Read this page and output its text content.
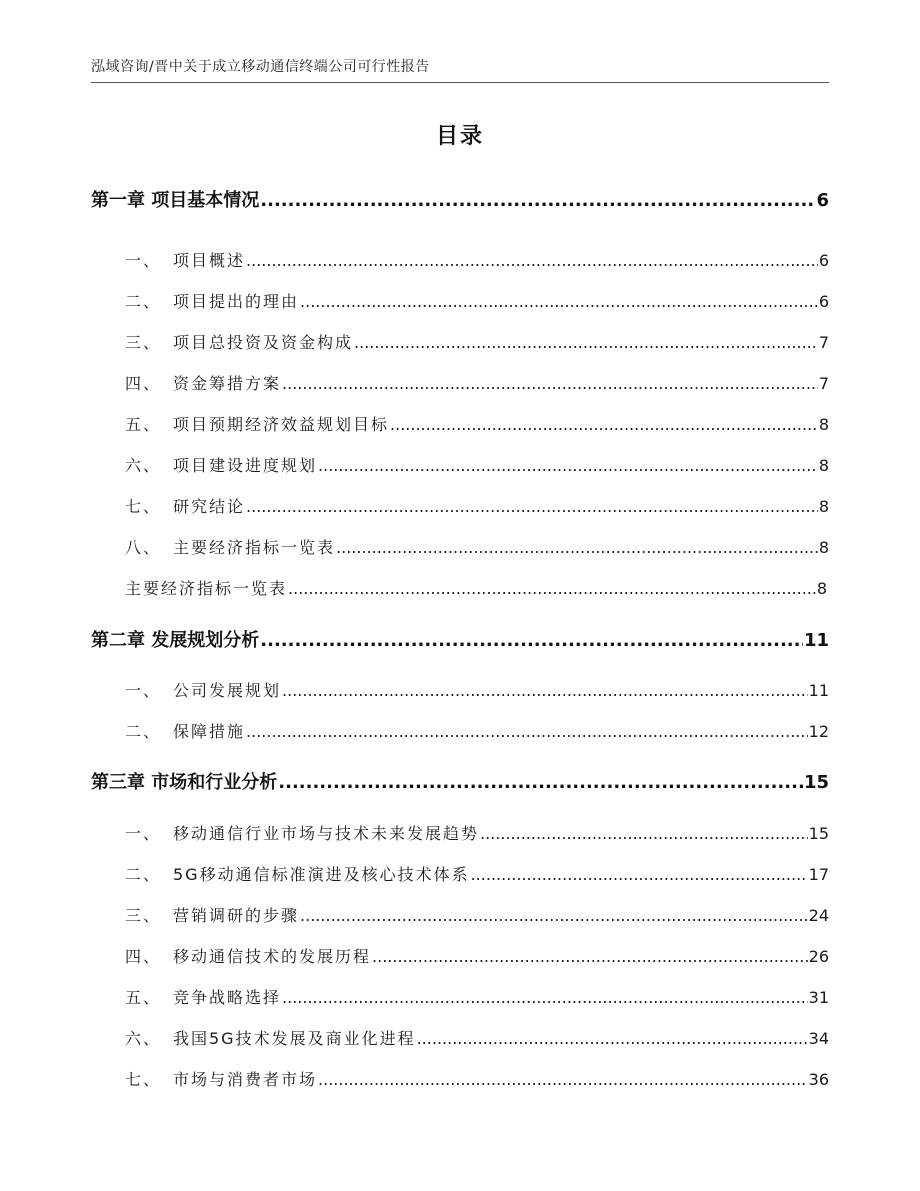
泓域咨询/晋中关于成立移动通信终端公司可行性报告
目录
第一章 项目基本情况 .....	6
一、 项目概述 .....	6
二、 项目提出的理由 .....	6
三、 项目总投资及资金构成 .....	7
四、 资金筹措方案 .....	7
五、 项目预期经济效益规划目标 .....	8
六、 项目建设进度规划 .....	8
七、 研究结论 .....	8
八、 主要经济指标一览表 .....	8
主要经济指标一览表 .....	8
第二章 发展规划分析 .....	11
一、 公司发展规划 .....	11
二、 保障措施 .....	12
第三章 市场和行业分析 .....	15
一、 移动通信行业市场与技术未来发展趋势 .....	15
二、 5G移动通信标准演进及核心技术体系 .....	17
三、 营销调研的步骤 .....	24
四、 移动通信技术的发展历程 .....	26
五、 竞争战略选择 .....	31
六、 我国5G技术发展及商业化进程 .....	34
七、 市场与消费者市场 .....	36
